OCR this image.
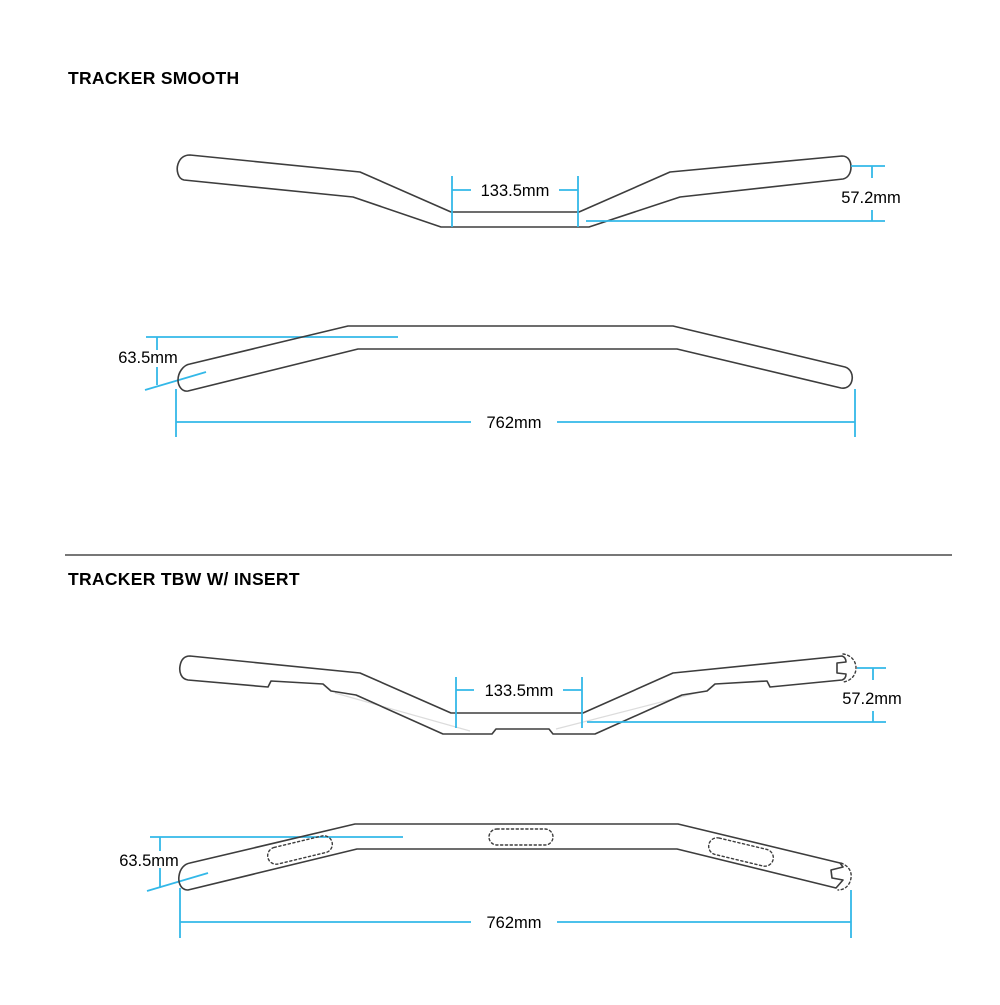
TRACKER SMOOTH
133.5mm	57.2mm
63.5mm
762mm
TRACKER TBW W/ INSERT
133.5mm	57.2mm
63.5mm
762mm
